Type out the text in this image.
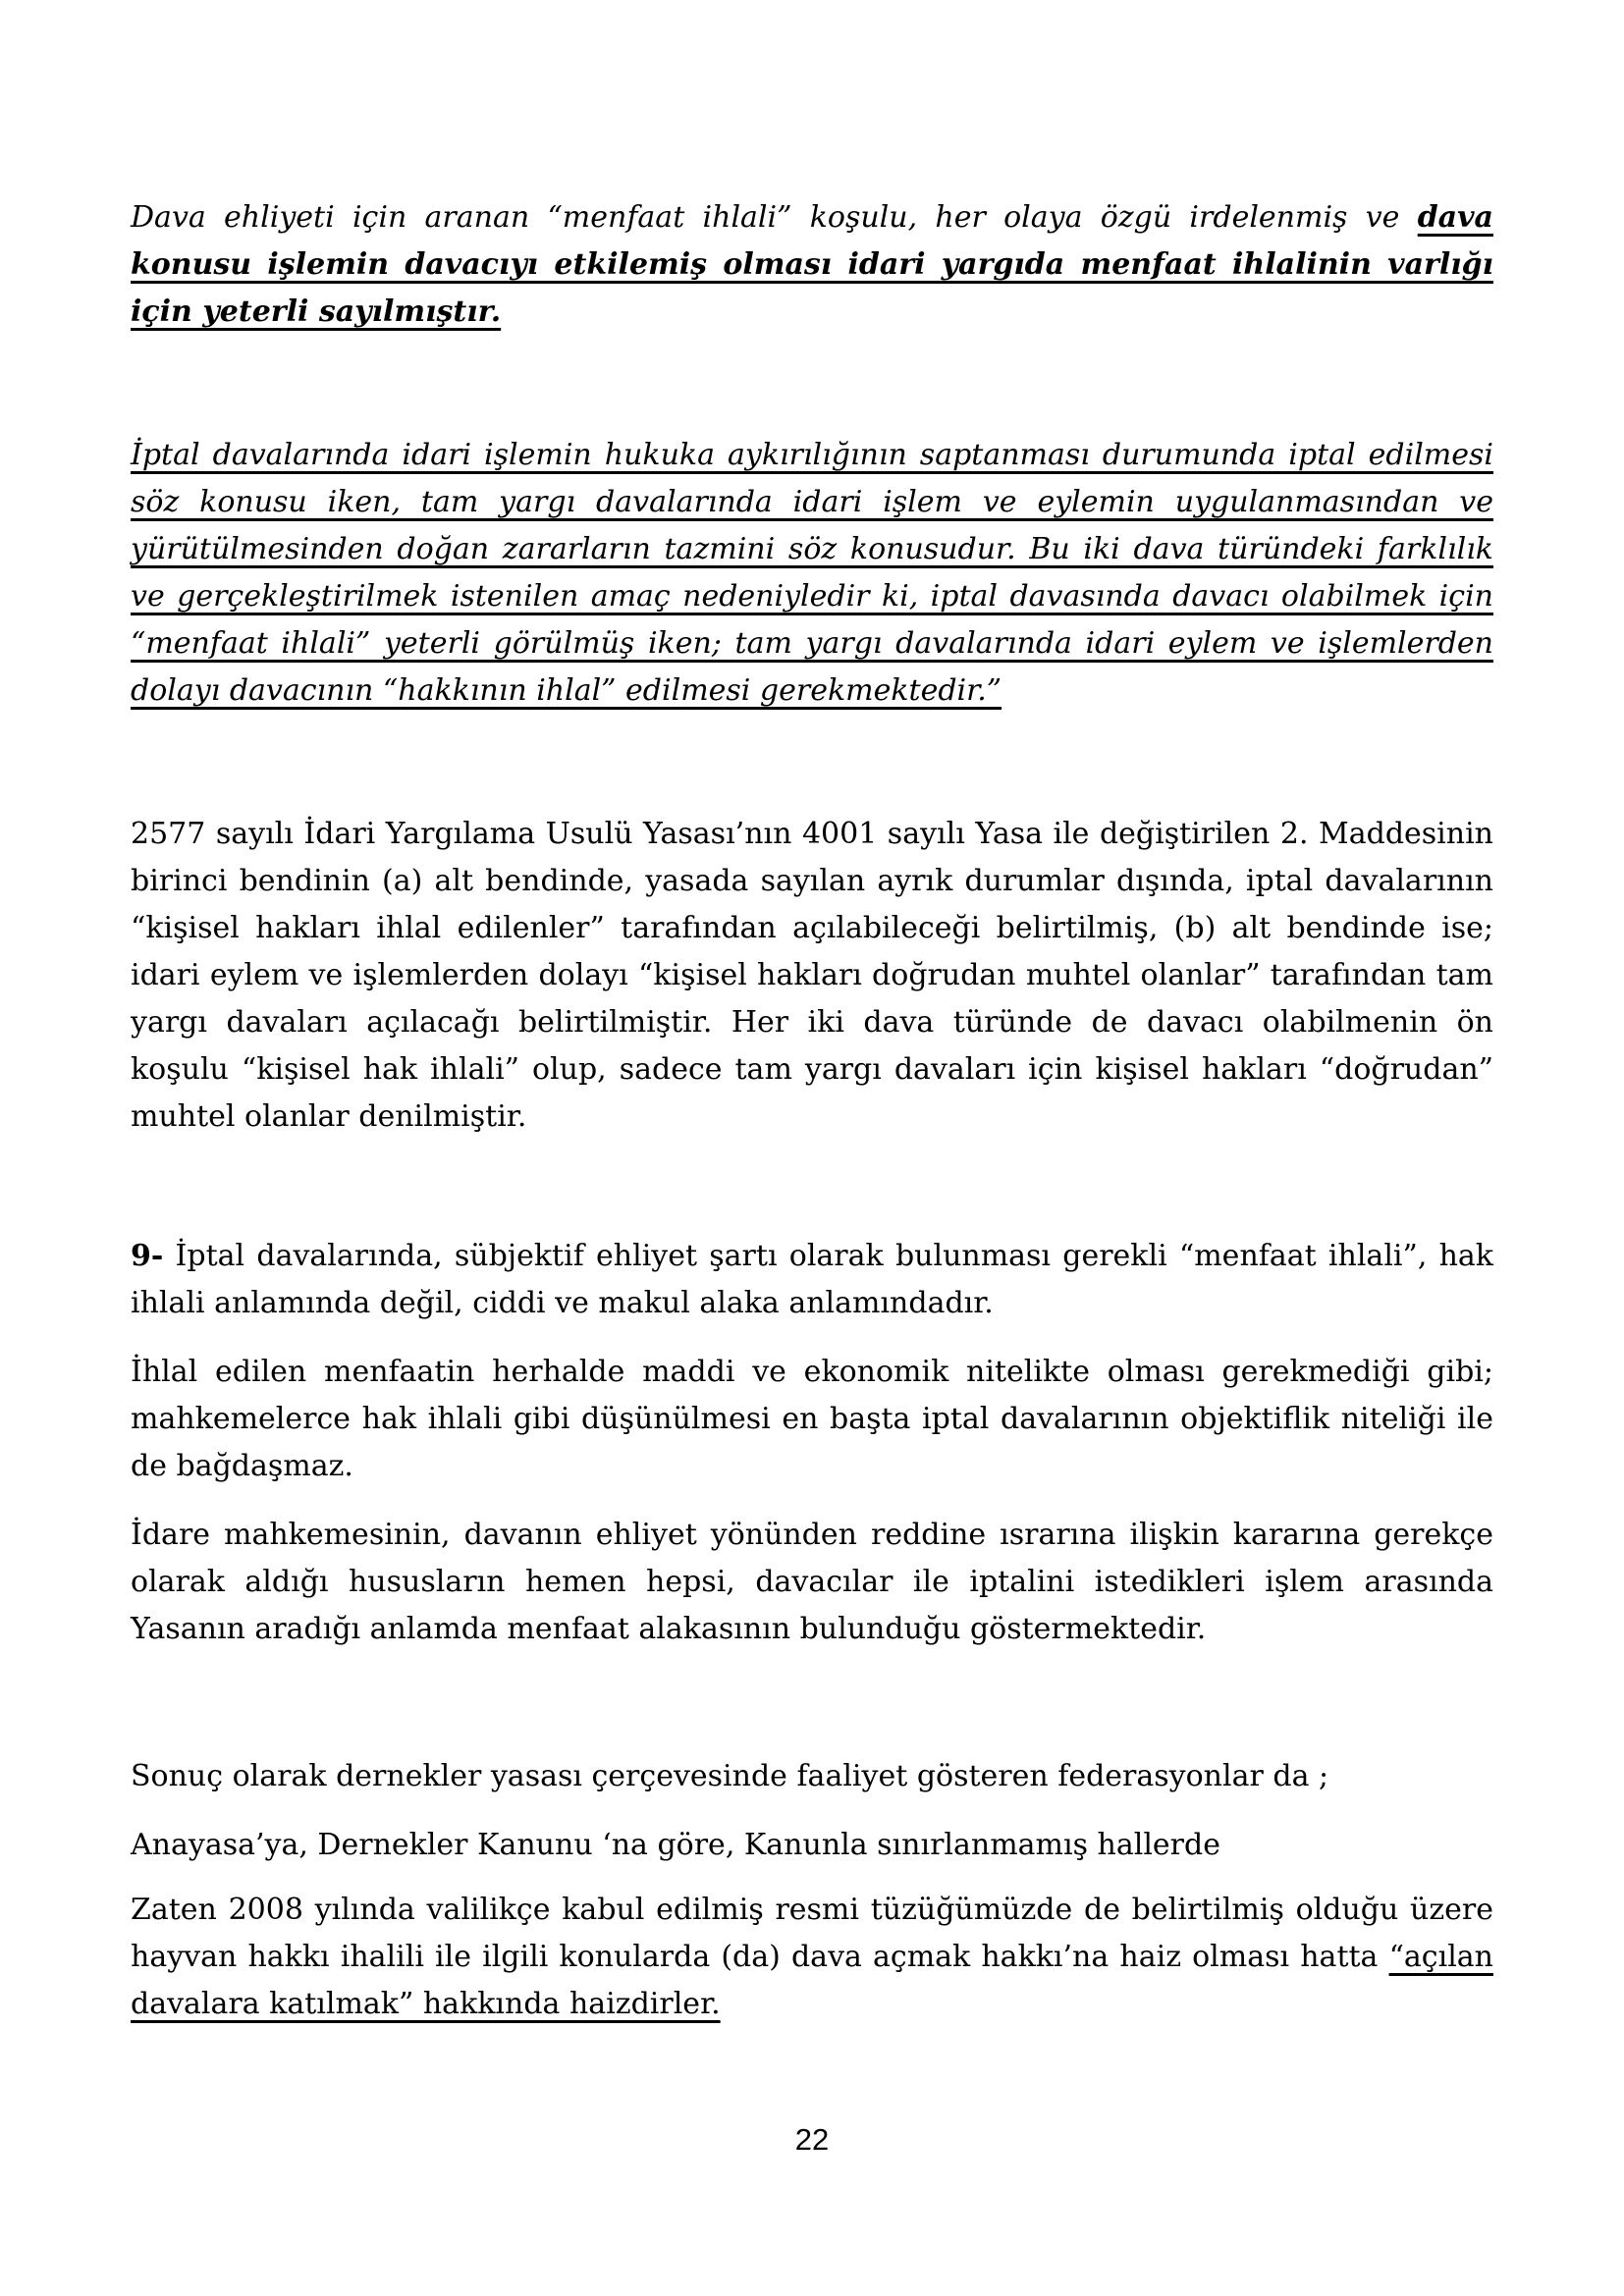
Dava ehliyeti için aranan “menfaat ihlali” koşulu, her olaya özgü irdelenmiş ve dava konusu işlemin davacıyı etkilemiş olması idari yargıda menfaat ihlalinin varlığı için yeterli sayılmıştır.

İptal davalarında idari işlemin hukuka aykırılığının saptanması durumunda iptal edilmesi söz konusu iken, tam yargı davalarında idari işlem ve eylemin uygulanmasından ve yürütülmesinden doğan zararların tazmini söz konusudur. Bu iki dava türündeki farklılık ve gerçekleştirilmek istenilen amaç nedeniyledir ki, iptal davasında davacı olabilmek için “menfaat ihlali” yeterli görülmüş iken; tam yargı davalarında idari eylem ve işlemlerden dolayı davacının “hakkının ihlal” edilmesi gerekmektedir.”

2577 sayılı İdari Yargılama Usulü Yasası’nın 4001 sayılı Yasa ile değiştirilen 2. Maddesinin birinci bendinin (a) alt bendinde, yasada sayılan ayrık durumlar dışında, iptal davalarının “kişisel hakları ihlal edilenler” tarafından açılabileceği belirtilmiş, (b) alt bendinde ise; idari eylem ve işlemlerden dolayı “kişisel hakları doğrudan muhtel olanlar” tarafından tam yargı davaları açılacağı belirtilmiştir. Her iki dava türünde de davacı olabilmenin ön koşulu “kişisel hak ihlali” olup, sadece tam yargı davaları için kişisel hakları “doğrudan” muhtel olanlar denilmiştir.

9- İptal davalarında, sübjektif ehliyet şartı olarak bulunması gerekli “menfaat ihlali”, hak ihlali anlamında değil, ciddi ve makul alaka anlamındadır.

İhlal edilen menfaatin herhalde maddi ve ekonomik nitelikte olması gerekmediği gibi; mahkemelerce hak ihlali gibi düşünülmesi en başta iptal davalarının objektiflik niteliği ile de bağdaşmaz.

İdare mahkemesinin, davanın ehliyet yönünden reddine ısrarına ilişkin kararına gerekçe olarak aldığı hususların hemen hepsi, davacılar ile iptalini istedikleri işlem arasında Yasanın aradığı anlamda menfaat alakasının bulunduğu göstermektedir.

Sonuç olarak dernekler yasası çerçevesinde faaliyet gösteren federasyonlar da ;

Anayasa’ya, Dernekler Kanunu ‘na göre, Kanunla sınırlanmamış hallerde

Zaten 2008 yılında valilikçe kabul edilmiş resmi tüzüğümüzde de belirtilmiş olduğu üzere hayvan hakkı ihalili ile ilgili konularda (da) dava açmak hakkı’na haiz olması hatta “açılan davalara katılmak” hakkında haizdirler.

22
